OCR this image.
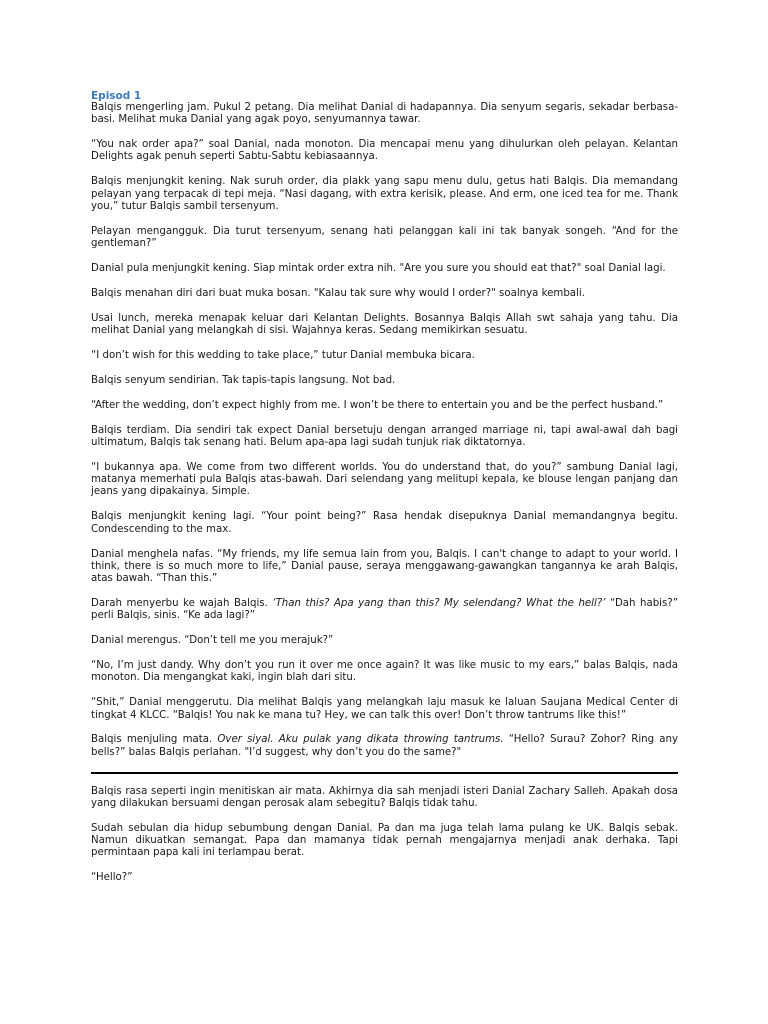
Episod 1

Balqis mengerling jam. Pukul 2 petang. Dia melihat Danial di hadapannya. Dia senyum segaris, sekadar berbasa-basi. Melihat muka Danial yang agak poyo, senyumannya tawar.

“You nak order apa?” soal Danial, nada monoton. Dia mencapai menu yang dihulurkan oleh pelayan. Kelantan Delights agak penuh seperti Sabtu-Sabtu kebiasaannya.

Balqis menjungkit kening. Nak suruh order, dia plakk yang sapu menu dulu, getus hati Balqis. Dia memandang pelayan yang terpacak di tepi meja. “Nasi dagang, with extra kerisik, please. And erm, one iced tea for me. Thank you,” tutur Balqis sambil tersenyum.

Pelayan mengangguk. Dia turut tersenyum, senang hati pelanggan kali ini tak banyak songeh. “And for the gentleman?”

Danial pula menjungkit kening. Siap mintak order extra nih. "Are you sure you should eat that?" soal Danial lagi.

Balqis menahan diri dari buat muka bosan. "Kalau tak sure why would I order?" soalnya kembali.

Usai lunch, mereka menapak keluar dari Kelantan Delights. Bosannya Balqis Allah swt sahaja yang tahu. Dia melihat Danial yang melangkah di sisi. Wajahnya keras. Sedang memikirkan sesuatu.

“I don’t wish for this wedding to take place,” tutur Danial membuka bicara.

Balqis senyum sendirian. Tak tapis-tapis langsung. Not bad.

“After the wedding, don’t expect highly from me. I won’t be there to entertain you and be the perfect husband.”

Balqis terdiam. Dia sendiri tak expect Danial bersetuju dengan arranged marriage ni, tapi awal-awal dah bagi ultimatum, Balqis tak senang hati. Belum apa-apa lagi sudah tunjuk riak diktatornya.

“I bukannya apa. We come from two different worlds. You do understand that, do you?” sambung Danial lagi, matanya memerhati pula Balqis atas-bawah. Dari selendang yang melitupi kepala, ke blouse lengan panjang dan jeans yang dipakainya. Simple.

Balqis menjungkit kening lagi. “Your point being?” Rasa hendak disepuknya Danial memandangnya begitu. Condescending to the max.

Danial menghela nafas. “My friends, my life semua lain from you, Balqis. I can't change to adapt to your world. I think, there is so much more to life,” Danial pause, seraya menggawang-gawangkan tangannya ke arah Balqis, atas bawah. “Than this.”

Darah menyerbu ke wajah Balqis. ‘Than this? Apa yang than this? My selendang? What the hell?’ “Dah habis?” perli Balqis, sinis. “Ke ada lagi?”

Danial merengus. “Don’t tell me you merajuk?”

“No, I’m just dandy. Why don’t you run it over me once again? It was like music to my ears,” balas Balqis, nada monoton. Dia mengangkat kaki, ingin blah dari situ.

“Shit,” Danial menggerutu. Dia melihat Balqis yang melangkah laju masuk ke laluan Saujana Medical Center di tingkat 4 KLCC. “Balqis! You nak ke mana tu? Hey, we can talk this over! Don’t throw tantrums like this!”

Balqis menjuling mata. Over siyal. Aku pulak yang dikata throwing tantrums. “Hello? Surau? Zohor? Ring any bells?” balas Balqis perlahan. "I’d suggest, why don’t you do the same?"

Balqis rasa seperti ingin menitiskan air mata. Akhirnya dia sah menjadi isteri Danial Zachary Salleh. Apakah dosa yang dilakukan bersuami dengan perosak alam sebegitu? Balqis tidak tahu.

Sudah sebulan dia hidup sebumbung dengan Danial. Pa dan ma juga telah lama pulang ke UK. Balqis sebak. Namun dikuatkan semangat. Papa dan mamanya tidak pernah mengajarnya menjadi anak derhaka. Tapi permintaan papa kali ini terlampau berat.

“Hello?”
